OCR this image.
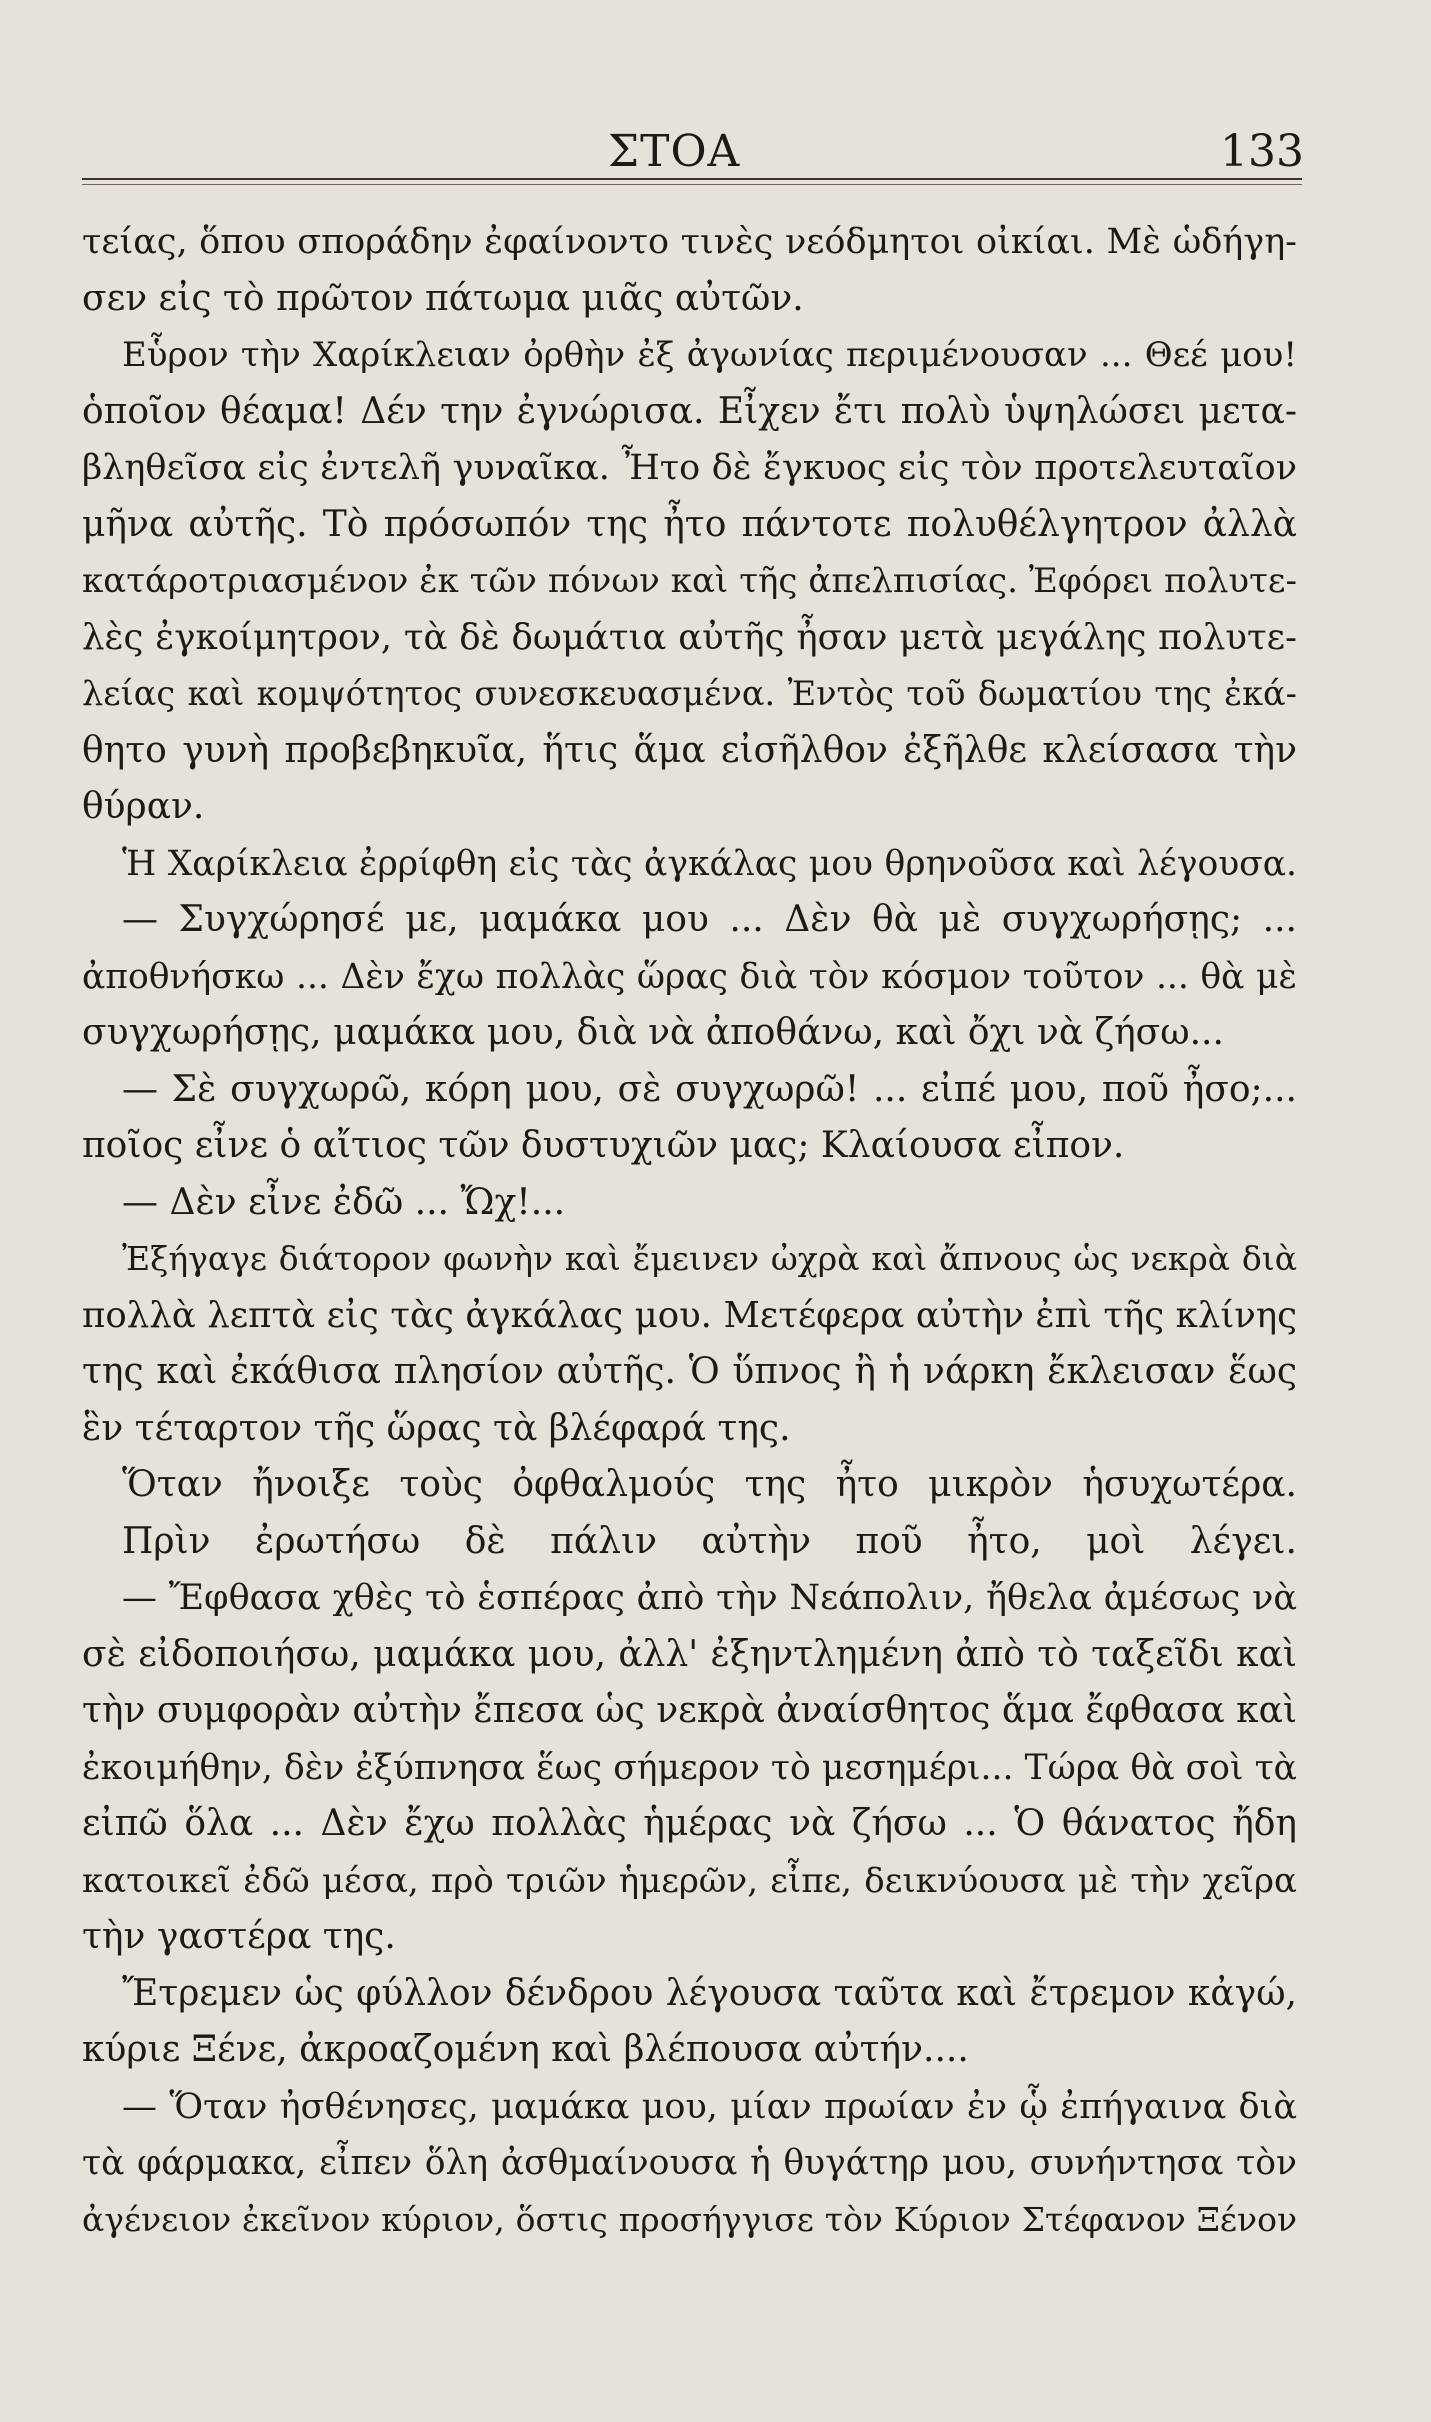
ΣΤΟΑ	133
τείας, ὅπου σποράδην ἐφαίνοντο τινὲς νεόδμητοι οἰκίαι. Μὲ ὡδήγη-
σεν εἰς τὸ πρῶτον πάτωμα μιᾶς αὐτῶν.
Εὗρον τὴν Χαρίκλειαν ὀρθὴν ἐξ ἀγωνίας περιμένουσαν ... Θεέ μου!
ὁποῖον θέαμα! Δέν την ἐγνώρισα. Εἶχεν ἔτι πολὺ ὑψηλώσει μετα-
βληθεῖσα εἰς ἐντελῆ γυναῖκα. Ἦτο δὲ ἔγκυος εἰς τὸν προτελευταῖον
μῆνα αὐτῆς. Τὸ πρόσωπόν της ἦτο πάντοτε πολυθέλγητρον ἀλλὰ
κατάροτριασμένον ἐκ τῶν πόνων καὶ τῆς ἀπελπισίας. Ἐφόρει πολυτε-
λὲς ἐγκοίμητρον, τὰ δὲ δωμάτια αὐτῆς ἦσαν μετὰ μεγάλης πολυτε-
λείας καὶ κομψότητος συνεσκευασμένα. Ἐντὸς τοῦ δωματίου της ἐκά-
θητο γυνὴ προβεβηκυῖα, ἥτις ἅμα εἰσῆλθον ἐξῆλθε κλείσασα τὴν
θύραν.
Ἡ Χαρίκλεια ἐρρίφθη εἰς τὰς ἀγκάλας μου θρηνοῦσα καὶ λέγουσα.
— Συγχώρησέ με, μαμάκα μου ... Δὲν θὰ μὲ συγχωρήσῃς; ...
ἀποθνήσκω ... Δὲν ἔχω πολλὰς ὥρας διὰ τὸν κόσμον τοῦτον ... θὰ μὲ
συγχωρήσῃς, μαμάκα μου, διὰ νὰ ἀποθάνω, καὶ ὄχι νὰ ζήσω...
— Σὲ συγχωρῶ, κόρη μου, σὲ συγχωρῶ! ... εἰπέ μου, ποῦ ἦσο;...
ποῖος εἶνε ὁ αἴτιος τῶν δυστυχιῶν μας; Κλαίουσα εἶπον.
— Δὲν εἶνε ἐδῶ ... Ὤχ!...
Ἐξήγαγε διάτορον φωνὴν καὶ ἔμεινεν ὠχρὰ καὶ ἄπνους ὡς νεκρὰ διὰ
πολλὰ λεπτὰ εἰς τὰς ἀγκάλας μου. Μετέφερα αὐτὴν ἐπὶ τῆς κλίνης
της καὶ ἐκάθισα πλησίον αὐτῆς. Ὁ ὕπνος ἢ ἡ νάρκη ἔκλεισαν ἕως
ἓν τέταρτον τῆς ὥρας τὰ βλέφαρά της.
Ὅταν ἤνοιξε τοὺς ὀφθαλμούς της ἦτο μικρὸν ἡσυχωτέρα.
Πρὶν ἐρωτήσω δὲ πάλιν αὐτὴν ποῦ ἦτο, μοὶ λέγει.
— Ἔφθασα χθὲς τὸ ἑσπέρας ἀπὸ τὴν Νεάπολιν, ἤθελα ἀμέσως νὰ
σὲ εἰδοποιήσω, μαμάκα μου, ἀλλ' ἐξηντλημένη ἀπὸ τὸ ταξεῖδι καὶ
τὴν συμφορὰν αὐτὴν ἔπεσα ὡς νεκρὰ ἀναίσθητος ἅμα ἔφθασα καὶ
ἐκοιμήθην, δὲν ἐξύπνησα ἕως σήμερον τὸ μεσημέρι... Τώρα θὰ σοὶ τὰ
εἰπῶ ὅλα ... Δὲν ἔχω πολλὰς ἡμέρας νὰ ζήσω ... Ὁ θάνατος ἤδη
κατοικεῖ ἐδῶ μέσα, πρὸ τριῶν ἡμερῶν, εἶπε, δεικνύουσα μὲ τὴν χεῖρα
τὴν γαστέρα της.
Ἔτρεμεν ὡς φύλλον δένδρου λέγουσα ταῦτα καὶ ἔτρεμον κἀγώ,
κύριε Ξένε, ἀκροαζομένη καὶ βλέπουσα αὐτήν....
— Ὅταν ἠσθένησες, μαμάκα μου, μίαν πρωίαν ἐν ᾧ ἐπήγαινα διὰ
τὰ φάρμακα, εἶπεν ὅλη ἀσθμαίνουσα ἡ θυγάτηρ μου, συνήντησα τὸν
ἀγένειον ἐκεῖνον κύριον, ὅστις προσήγγισε τὸν Κύριον Στέφανον Ξένον
